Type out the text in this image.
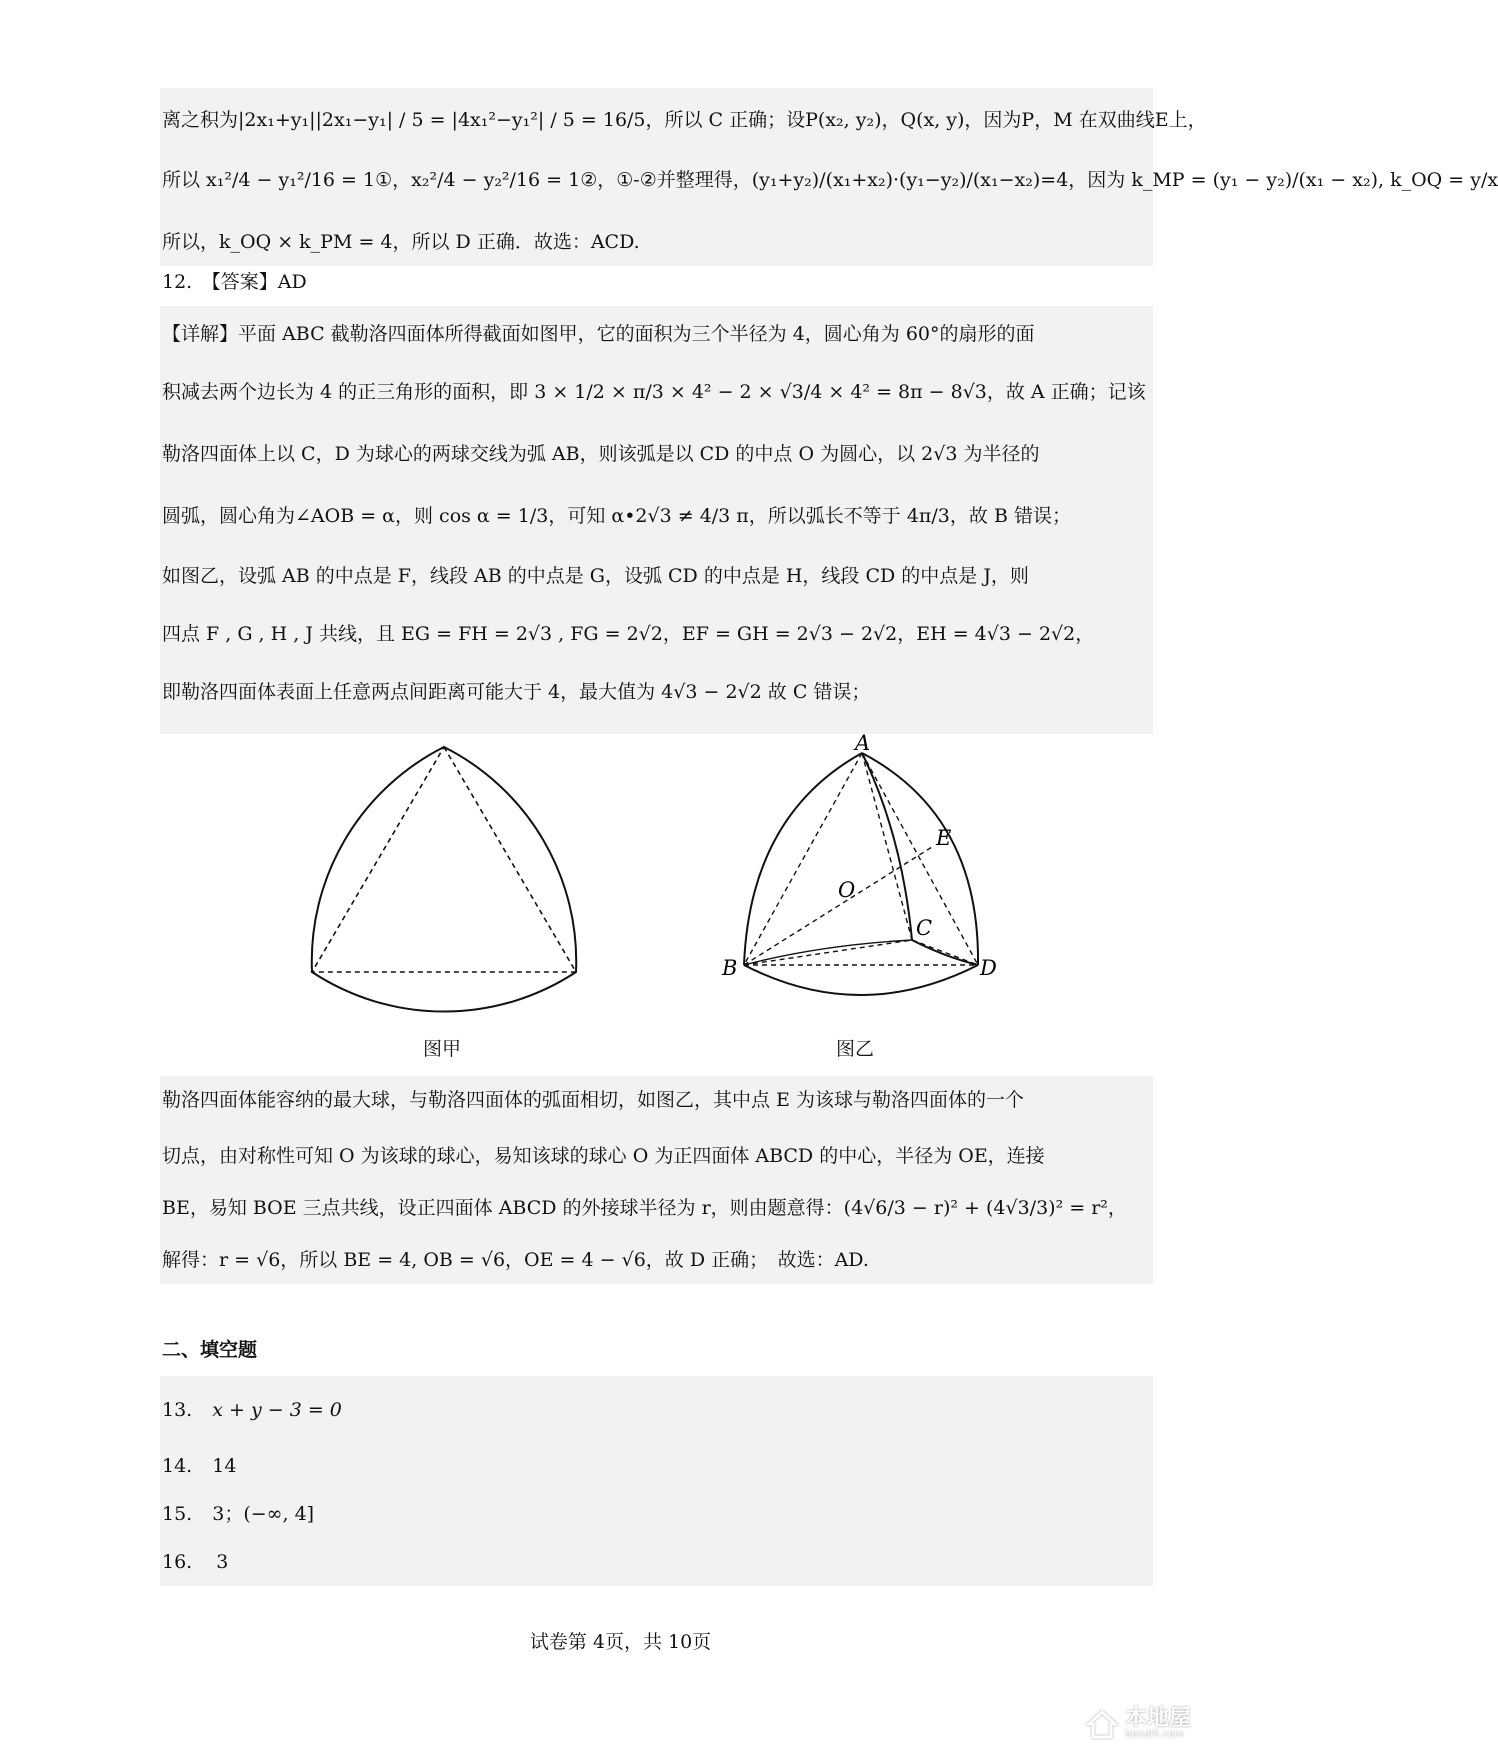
离之积为|2x₁+y₁||2x₁−y₁| / 5 = |4x₁²−y₁²| / 5 = 16/5，所以 C 正确；设P(x₂, y₂)，Q(x, y)，因为P，M 在双曲线E上，
所以 x₁²/4 − y₁²/16 = 1①，x₂²/4 − y₂²/16 = 1②，①-②并整理得，(y₁+y₂)/(x₁+x₂)·(y₁−y₂)/(x₁−x₂)=4，因为 k_MP = (y₁ − y₂)/(x₁ − x₂), k_OQ = y/x
所以，k_OQ × k_PM = 4，所以 D 正确．故选：ACD.
12.　【答案】AD
【详解】平面 ABC 截勒洛四面体所得截面如图甲，它的面积为三个半径为 4，圆心角为 60°的扇形的面
积减去两个边长为 4 的正三角形的面积，即 3 × 1/2 × π/3 × 4² − 2 × √3/4 × 4² = 8π − 8√3，故 A 正确；记该
勒洛四面体上以 C，D 为球心的两球交线为弧 AB，则该弧是以 CD 的中点 O 为圆心，以 2√3 为半径的
圆弧，圆心角为∠AOB = α，则 cos α = 1/3，可知 α•2√3 ≠ 4/3 π，所以弧长不等于 4π/3，故 B 错误；
如图乙，设弧 AB 的中点是 F，线段 AB 的中点是 G，设弧 CD 的中点是 H，线段 CD 的中点是 J，则
四点 F , G , H , J 共线，且 EG = FH = 2√3 , FG = 2√2，EF = GH = 2√3 − 2√2，EH = 4√3 − 2√2，
即勒洛四面体表面上任意两点间距离可能大于 4，最大值为 4√3 − 2√2 故 C 错误；
图甲
A
E
O
C
B	D
图乙
勒洛四面体能容纳的最大球，与勒洛四面体的弧面相切，如图乙，其中点 E 为该球与勒洛四面体的一个
切点，由对称性可知 O 为该球的球心，易知该球的球心 O 为正四面体 ABCD 的中心，半径为 OE，连接
BE，易知 BOE 三点共线，设正四面体 ABCD 的外接球半径为 r，则由题意得：(4√6/3 − r)² + (4√3/3)² = r²，
解得：r = √6，所以 BE = 4, OB = √6，OE = 4 − √6，故 D 正确；　故选：AD.
二、填空题
13. x + y − 3 = 0
14. 14
15. 3；(−∞, 4]
16. 3
试卷第 4页，共 10页
本地屋
bendi5.com
